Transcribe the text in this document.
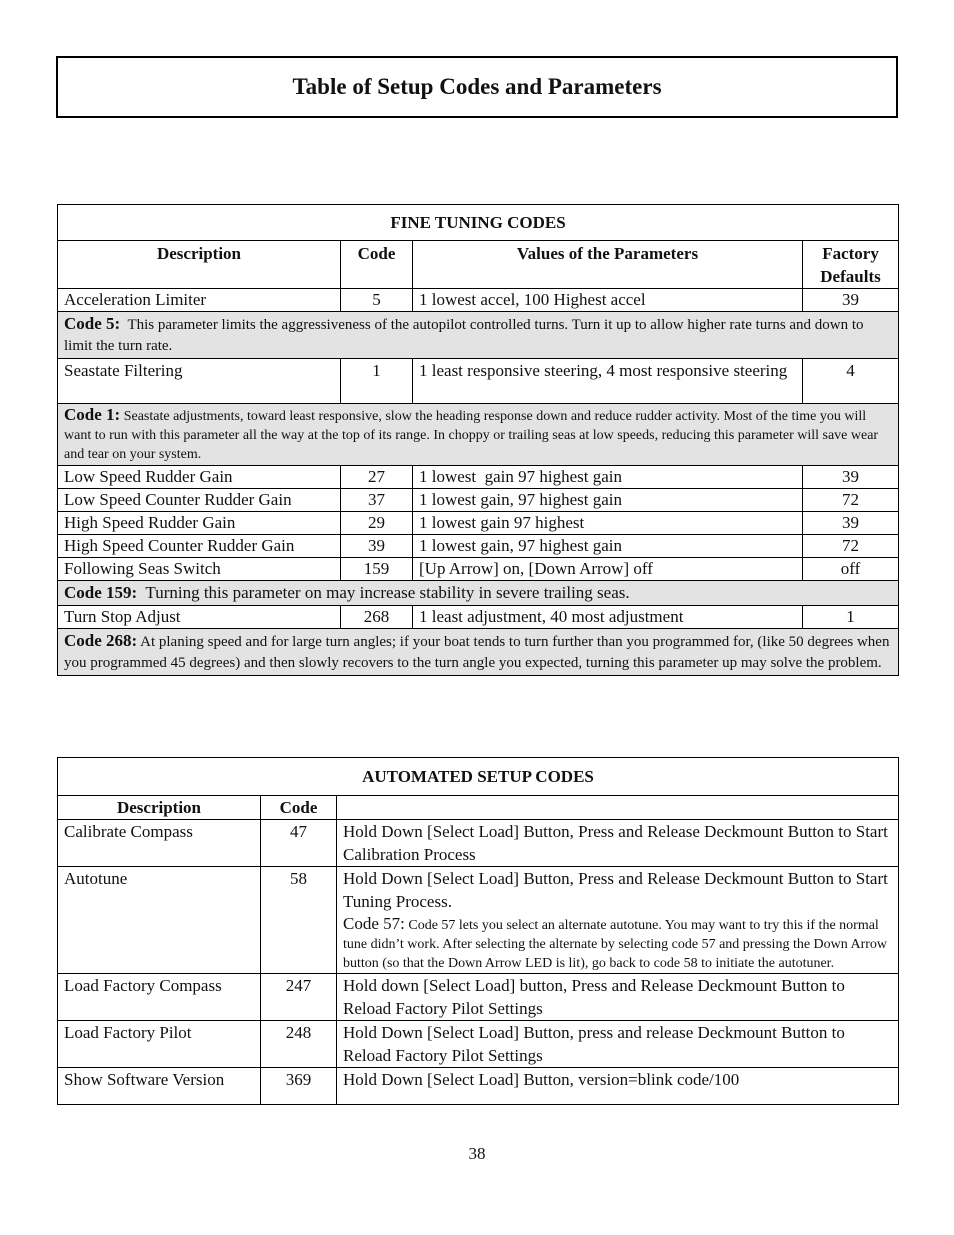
Table of Setup Codes and Parameters
FINE TUNING CODES			
Description	Code	Values of the Parameters	Factory
Defaults
Acceleration Limiter	5	1 lowest accel, 100 Highest accel	39
Code 5: This parameter limits the aggressiveness of the autopilot controlled turns. Turn it up to allow higher rate turns and down to limit the turn rate.			
Seastate Filtering	1	1 least responsive steering, 4 most responsive steering	4
Code 1: Seastate adjustments, toward least responsive, slow the heading response down and reduce rudder activity. Most of the time you will want to run with this parameter all the way at the top of its range. In choppy or trailing seas at low speeds, reducing this parameter will save wear and tear on your system.			
Low Speed Rudder Gain	27	1 lowest  gain 97 highest gain	39
Low Speed Counter Rudder Gain	37	1 lowest gain, 97 highest gain	72
High Speed Rudder Gain	29	1 lowest gain 97 highest	39
High Speed Counter Rudder Gain	39	1 lowest gain, 97 highest gain	72
Following Seas Switch	159	[Up Arrow] on, [Down Arrow] off	off
Code 159: Turning this parameter on may increase stability in severe trailing seas.			
Turn Stop Adjust	268	1 least adjustment, 40 most adjustment	1
Code 268: At planing speed and for large turn angles; if your boat tends to turn further than you programmed for, (like 50 degrees when you programmed 45 degrees) and then slowly recovers to the turn angle you expected, turning this parameter up may solve the problem.			
AUTOMATED SETUP CODES		
Description	Code	
Calibrate Compass	47	Hold Down [Select Load] Button, Press and Release Deckmount Button to Start Calibration Process
Autotune	58	Hold Down [Select Load] Button, Press and Release Deckmount Button to Start Tuning Process.
Code 57: Code 57 lets you select an alternate autotune. You may want to try this if the normal tune didn’t work. After selecting the alternate by selecting code 57 and pressing the Down Arrow button (so that the Down Arrow LED is lit), go back to code 58 to initiate the autotuner.

Load Factory Compass	247	Hold down [Select Load] button, Press and Release Deckmount Button to Reload Factory Pilot Settings
Load Factory Pilot	248	Hold Down [Select Load] Button, press and release Deckmount Button to Reload Factory Pilot Settings
Show Software Version	369	Hold Down [Select Load] Button, version=blink code/100
38
